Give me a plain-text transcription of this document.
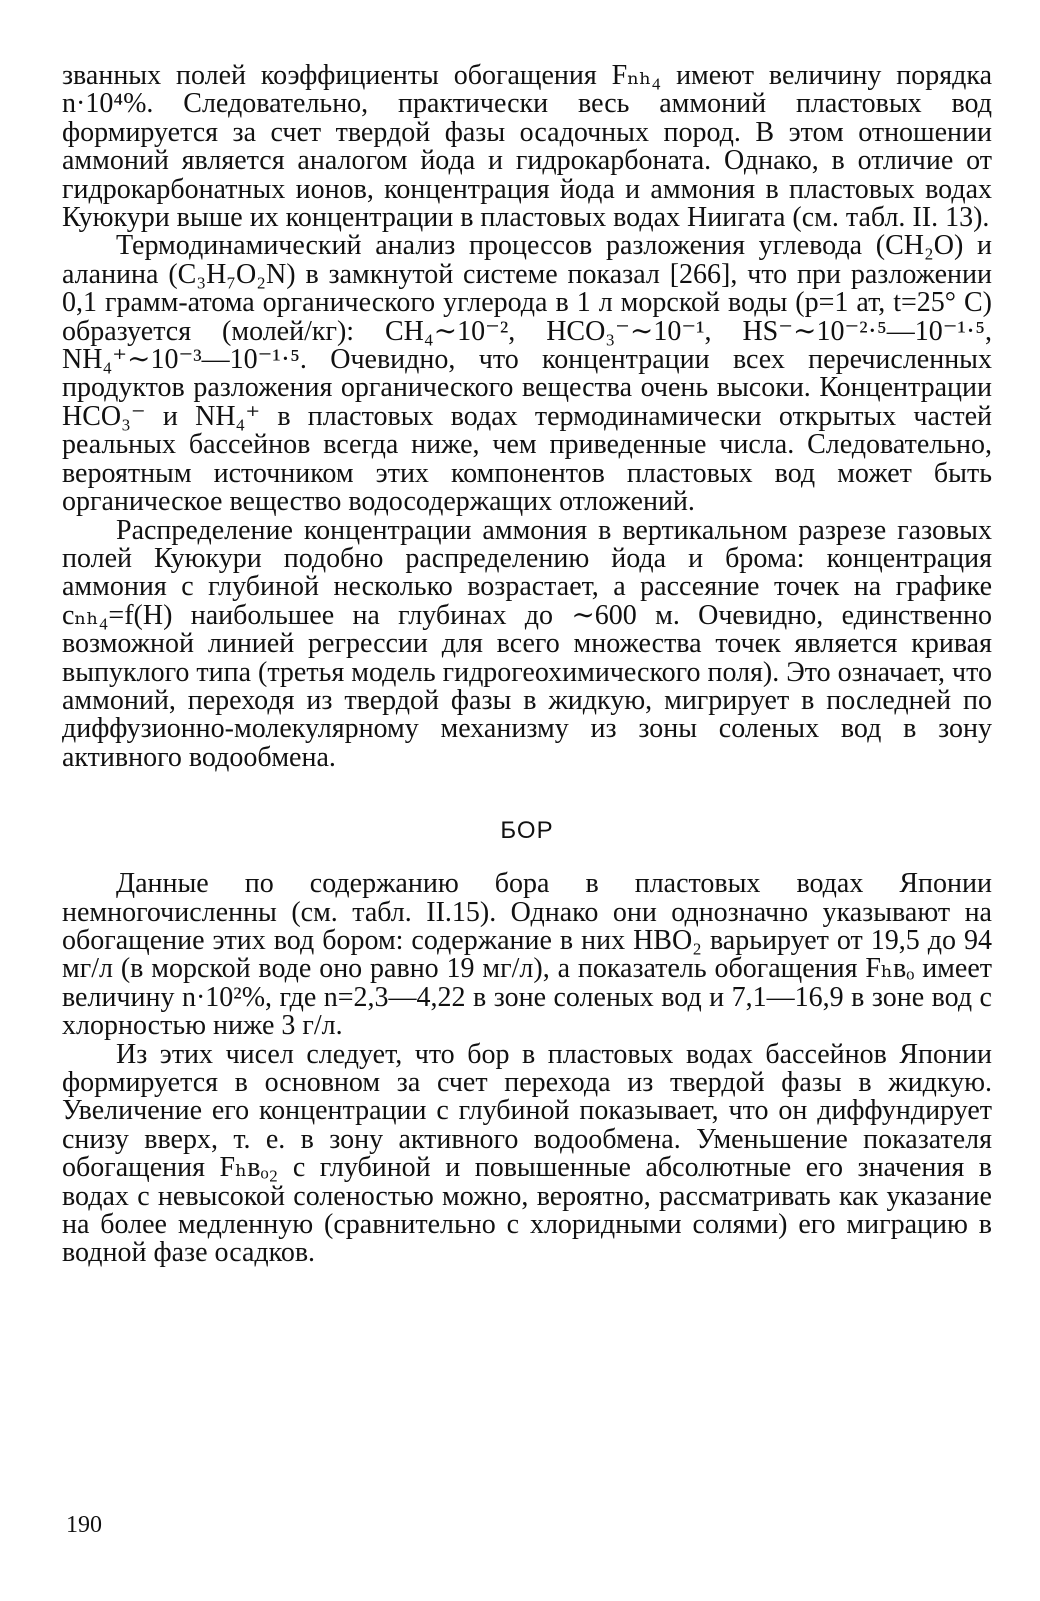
званных полей коэффициенты обогащения Fₙₕ₄ имеют величину порядка n·10⁴%. Следовательно, практически весь аммоний пластовых вод формируется за счет твердой фазы осадочных пород. В этом отношении аммоний является аналогом йода и гидрокарбоната. Однако, в отличие от гидрокарбонатных ионов, концентрация йода и аммония в пластовых водах Куюкури выше их концентрации в пластовых водах Ниигата (см. табл. II. 13).

Термодинамический анализ процессов разложения углевода (CH₂O) и аланина (C₃H₇O₂N) в замкнутой системе показал [266], что при разложении 0,1 грамм-атома органического углерода в 1 л морской воды (p=1 ат, t=25° C) образуется (молей/кг): CH₄∼10⁻², HCO₃⁻∼10⁻¹, HS⁻∼10⁻²·⁵—10⁻¹·⁵, NH₄⁺∼10⁻³—10⁻¹·⁵. Очевидно, что концентрации всех перечисленных продуктов разложения органического вещества очень высоки. Концентрации HCO₃⁻ и NH₄⁺ в пластовых водах термодинамически открытых частей реальных бассейнов всегда ниже, чем приведенные числа. Следовательно, вероятным источником этих компонентов пластовых вод может быть органическое вещество водосодержащих отложений.

Распределение концентрации аммония в вертикальном разрезе газовых полей Куюкури подобно распределению йода и брома: концентрация аммония с глубиной несколько возрастает, а рассеяние точек на графике cₙₕ₄=f(H) наибольшее на глубинах до ∼600 м. Очевидно, единственно возможной линией регрессии для всего множества точек является кривая выпуклого типа (третья модель гидрогеохимического поля). Это означает, что аммоний, переходя из твердой фазы в жидкую, мигрирует в последней по диффузионно-молекулярному механизму из зоны соленых вод в зону активного водообмена.

БОР

Данные по содержанию бора в пластовых водах Японии немногочисленны (см. табл. II.15). Однако они однозначно указывают на обогащение этих вод бором: содержание в них HBO₂ варьирует от 19,5 до 94 мг/л (в морской воде оно равно 19 мг/л), а показатель обогащения Fₕʙₒ имеет величину n·10²%, где n=2,3—4,22 в зоне соленых вод и 7,1—16,9 в зоне вод с хлорностью ниже 3 г/л.

Из этих чисел следует, что бор в пластовых водах бассейнов Японии формируется в основном за счет перехода из твердой фазы в жидкую. Увеличение его концентрации с глубиной показывает, что он диффундирует снизу вверх, т. е. в зону активного водообмена. Уменьшение показателя обогащения Fₕʙₒ₂ с глубиной и повышенные абсолютные его значения в водах с невысокой соленостью можно, вероятно, рассматривать как указание на более медленную (сравнительно с хлоридными солями) его миграцию в водной фазе осадков.

190
